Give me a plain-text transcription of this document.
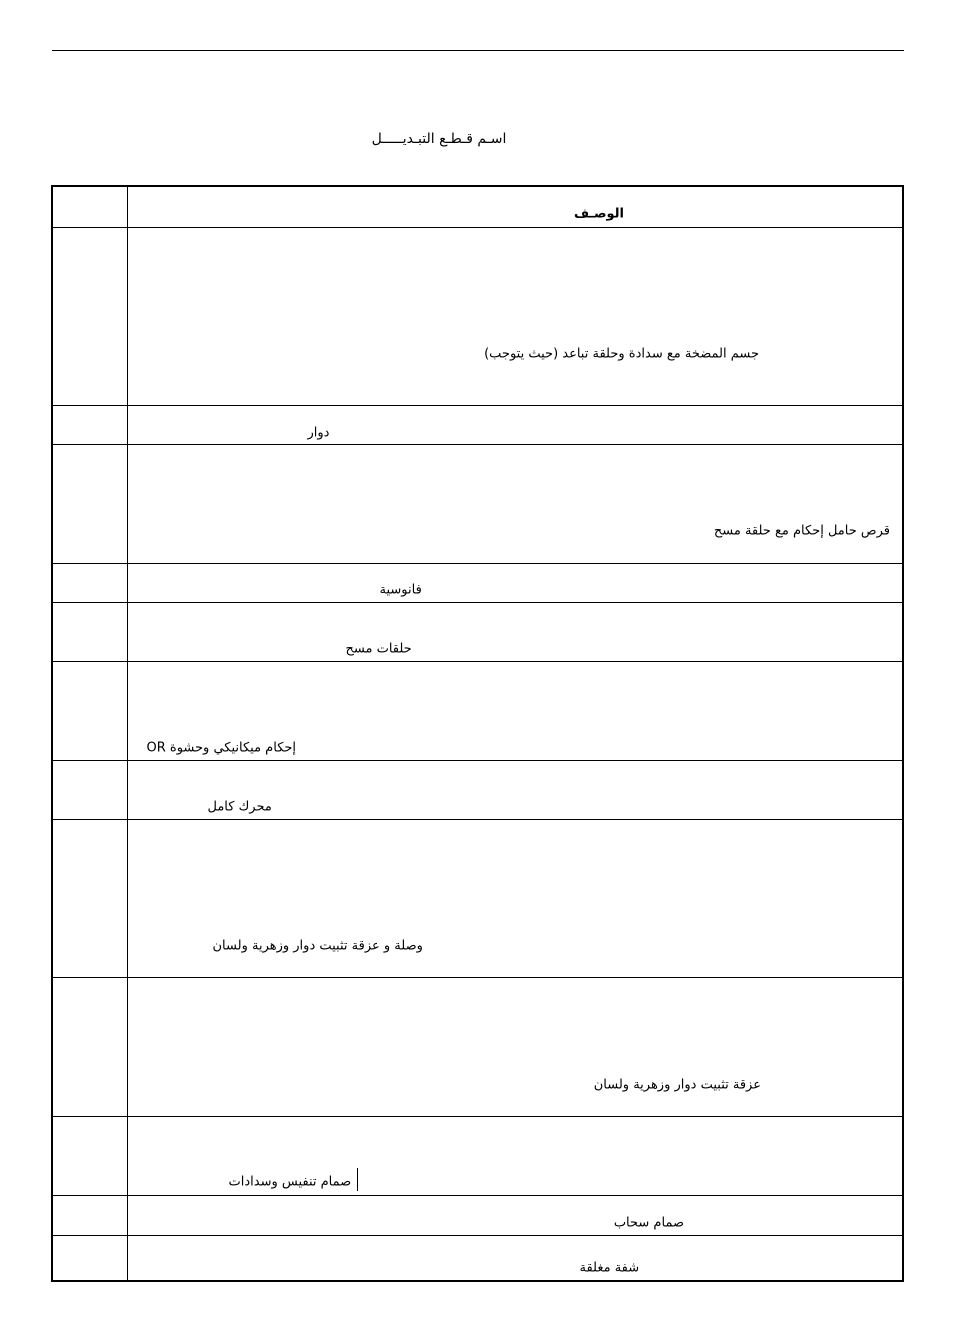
اسـم قـطـع التبـديـــــل

	الوصـف

	جسم المضخة مع سدادة وحلقة تباعد (حيث يتوجب)

	دوار

	قرص حامل إحكام مع حلقة مسح

	فانوسية

	حلقات مسح

	إحكام ميكانيكي وحشوة OR

	محرك كامل

	وصلة و عزقة تثبيت دوار وزهرية ولسان

	عزقة تثبيت دوار وزهرية ولسان

	صمام تنفيس وسدادات

	صمام سحاب

	شفة مغلقة
